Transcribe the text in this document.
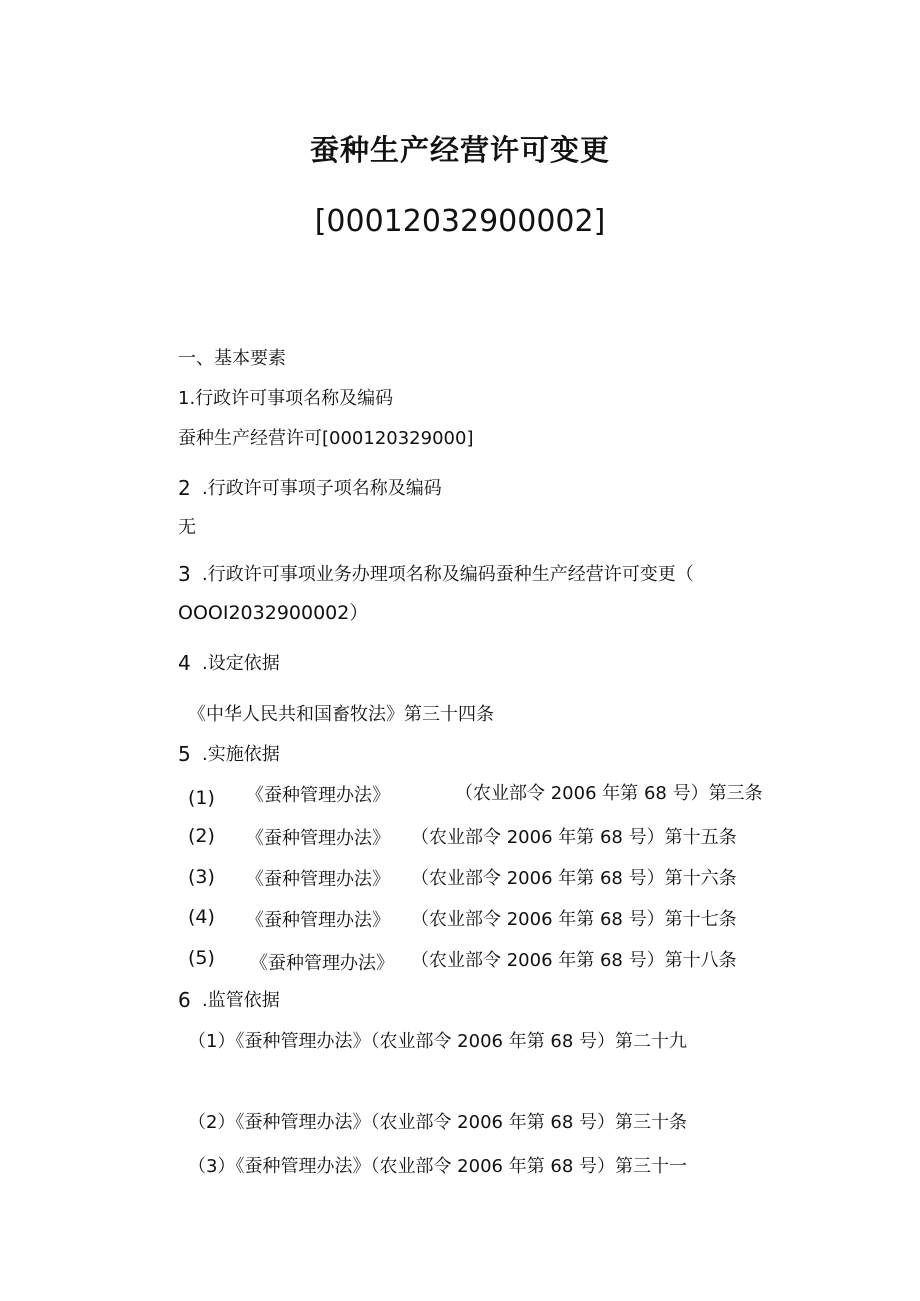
蚕种生产经营许可变更
[00012032900002]
一、基本要素
1.行政许可事项名称及编码
蚕种生产经营许可[000120329000]
2 .行政许可事项子项名称及编码
无
3 .行政许可事项业务办理项名称及编码蚕种生产经营许可变更（
OOOI2032900002）
4 .设定依据
《中华人民共和国畜牧法》第三十四条
5 .实施依据
(1) 《蚕种管理办法》	（农业部令 2006 年第 68 号）第三条
(2) 《蚕种管理办法》 （农业部令 2006 年第 68 号）第十五条
(3) 《蚕种管理办法》 （农业部令 2006 年第 68 号）第十六条
(4) 《蚕种管理办法》 （农业部令 2006 年第 68 号）第十七条
(5) 《蚕种管理办法》 （农业部令 2006 年第 68 号）第十八条
6 .监管依据
（1）《蚕种管理办法》（农业部令 2006 年第 68 号）第二十九
（2）《蚕种管理办法》（农业部令 2006 年第 68 号）第三十条
（3）《蚕种管理办法》（农业部令 2006 年第 68 号）第三十一
